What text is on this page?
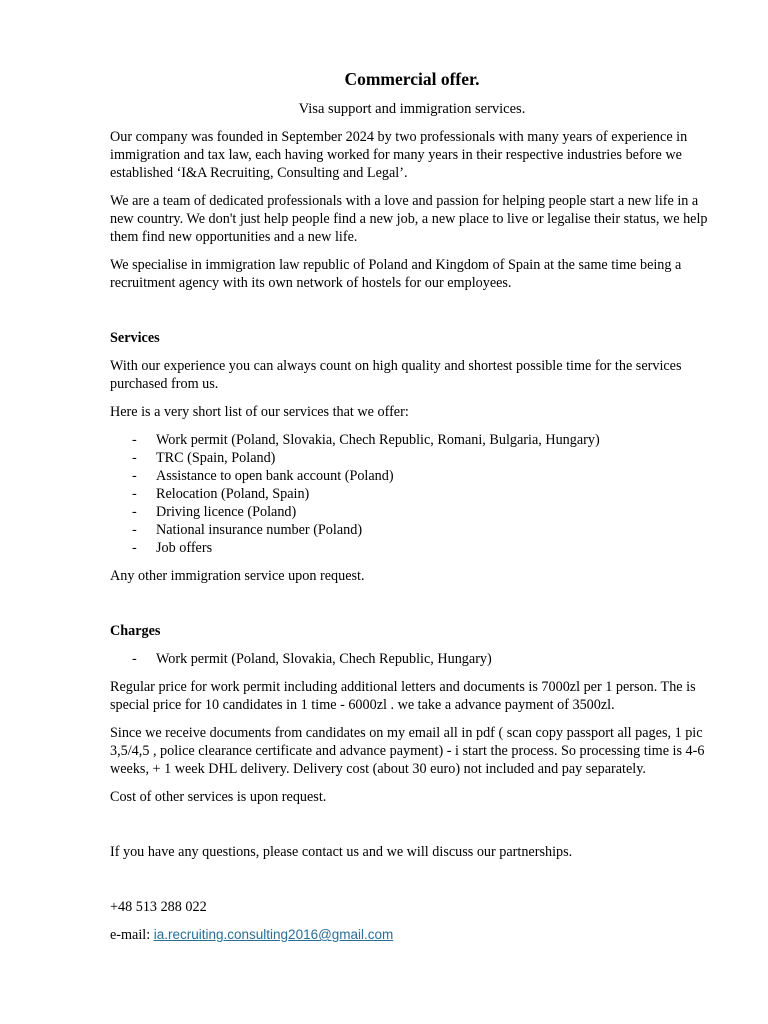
Commercial offer.

Visa support and immigration services.

Our company was founded in September 2024 by two professionals with many years of experience in immigration and tax law, each having worked for many years in their respective industries before we established ‘I&A Recruiting, Consulting and Legal’.

We are a team of dedicated professionals with a love and passion for helping people start a new life in a new country. We don't just help people find a new job, a new place to live or legalise their status, we help them find new opportunities and a new life.

We specialise in immigration law republic of Poland and Kingdom of Spain at the same time being a recruitment agency with its own network of hostels for our employees.

Services

With our experience you can always count on high quality and shortest possible time for the services purchased from us.

Here is a very short list of our services that we offer:

- Work permit (Poland, Slovakia, Chech Republic, Romani, Bulgaria, Hungary)
- TRC (Spain, Poland)
- Assistance to open bank account (Poland)
- Relocation (Poland, Spain)
- Driving licence (Poland)
- National insurance number (Poland)
- Job offers

Any other immigration service upon request.

Charges

- Work permit (Poland, Slovakia, Chech Republic, Hungary)

Regular price for work permit including additional letters and documents is 7000zl per 1 person. The is special price for 10 candidates in 1 time - 6000zl . we take a advance payment of 3500zl.

Since we receive documents from candidates on my email all in pdf ( scan copy passport all pages, 1 pic 3,5/4,5 , police clearance certificate and advance payment) - i start the process. So processing time is 4-6 weeks, + 1 week DHL delivery. Delivery cost (about 30 euro) not included and pay separately.

Cost of other services is upon request.

If you have any questions, please contact us and we will discuss our partnerships.

+48 513 288 022

e-mail: ia.recruiting.consulting2016@gmail.com
